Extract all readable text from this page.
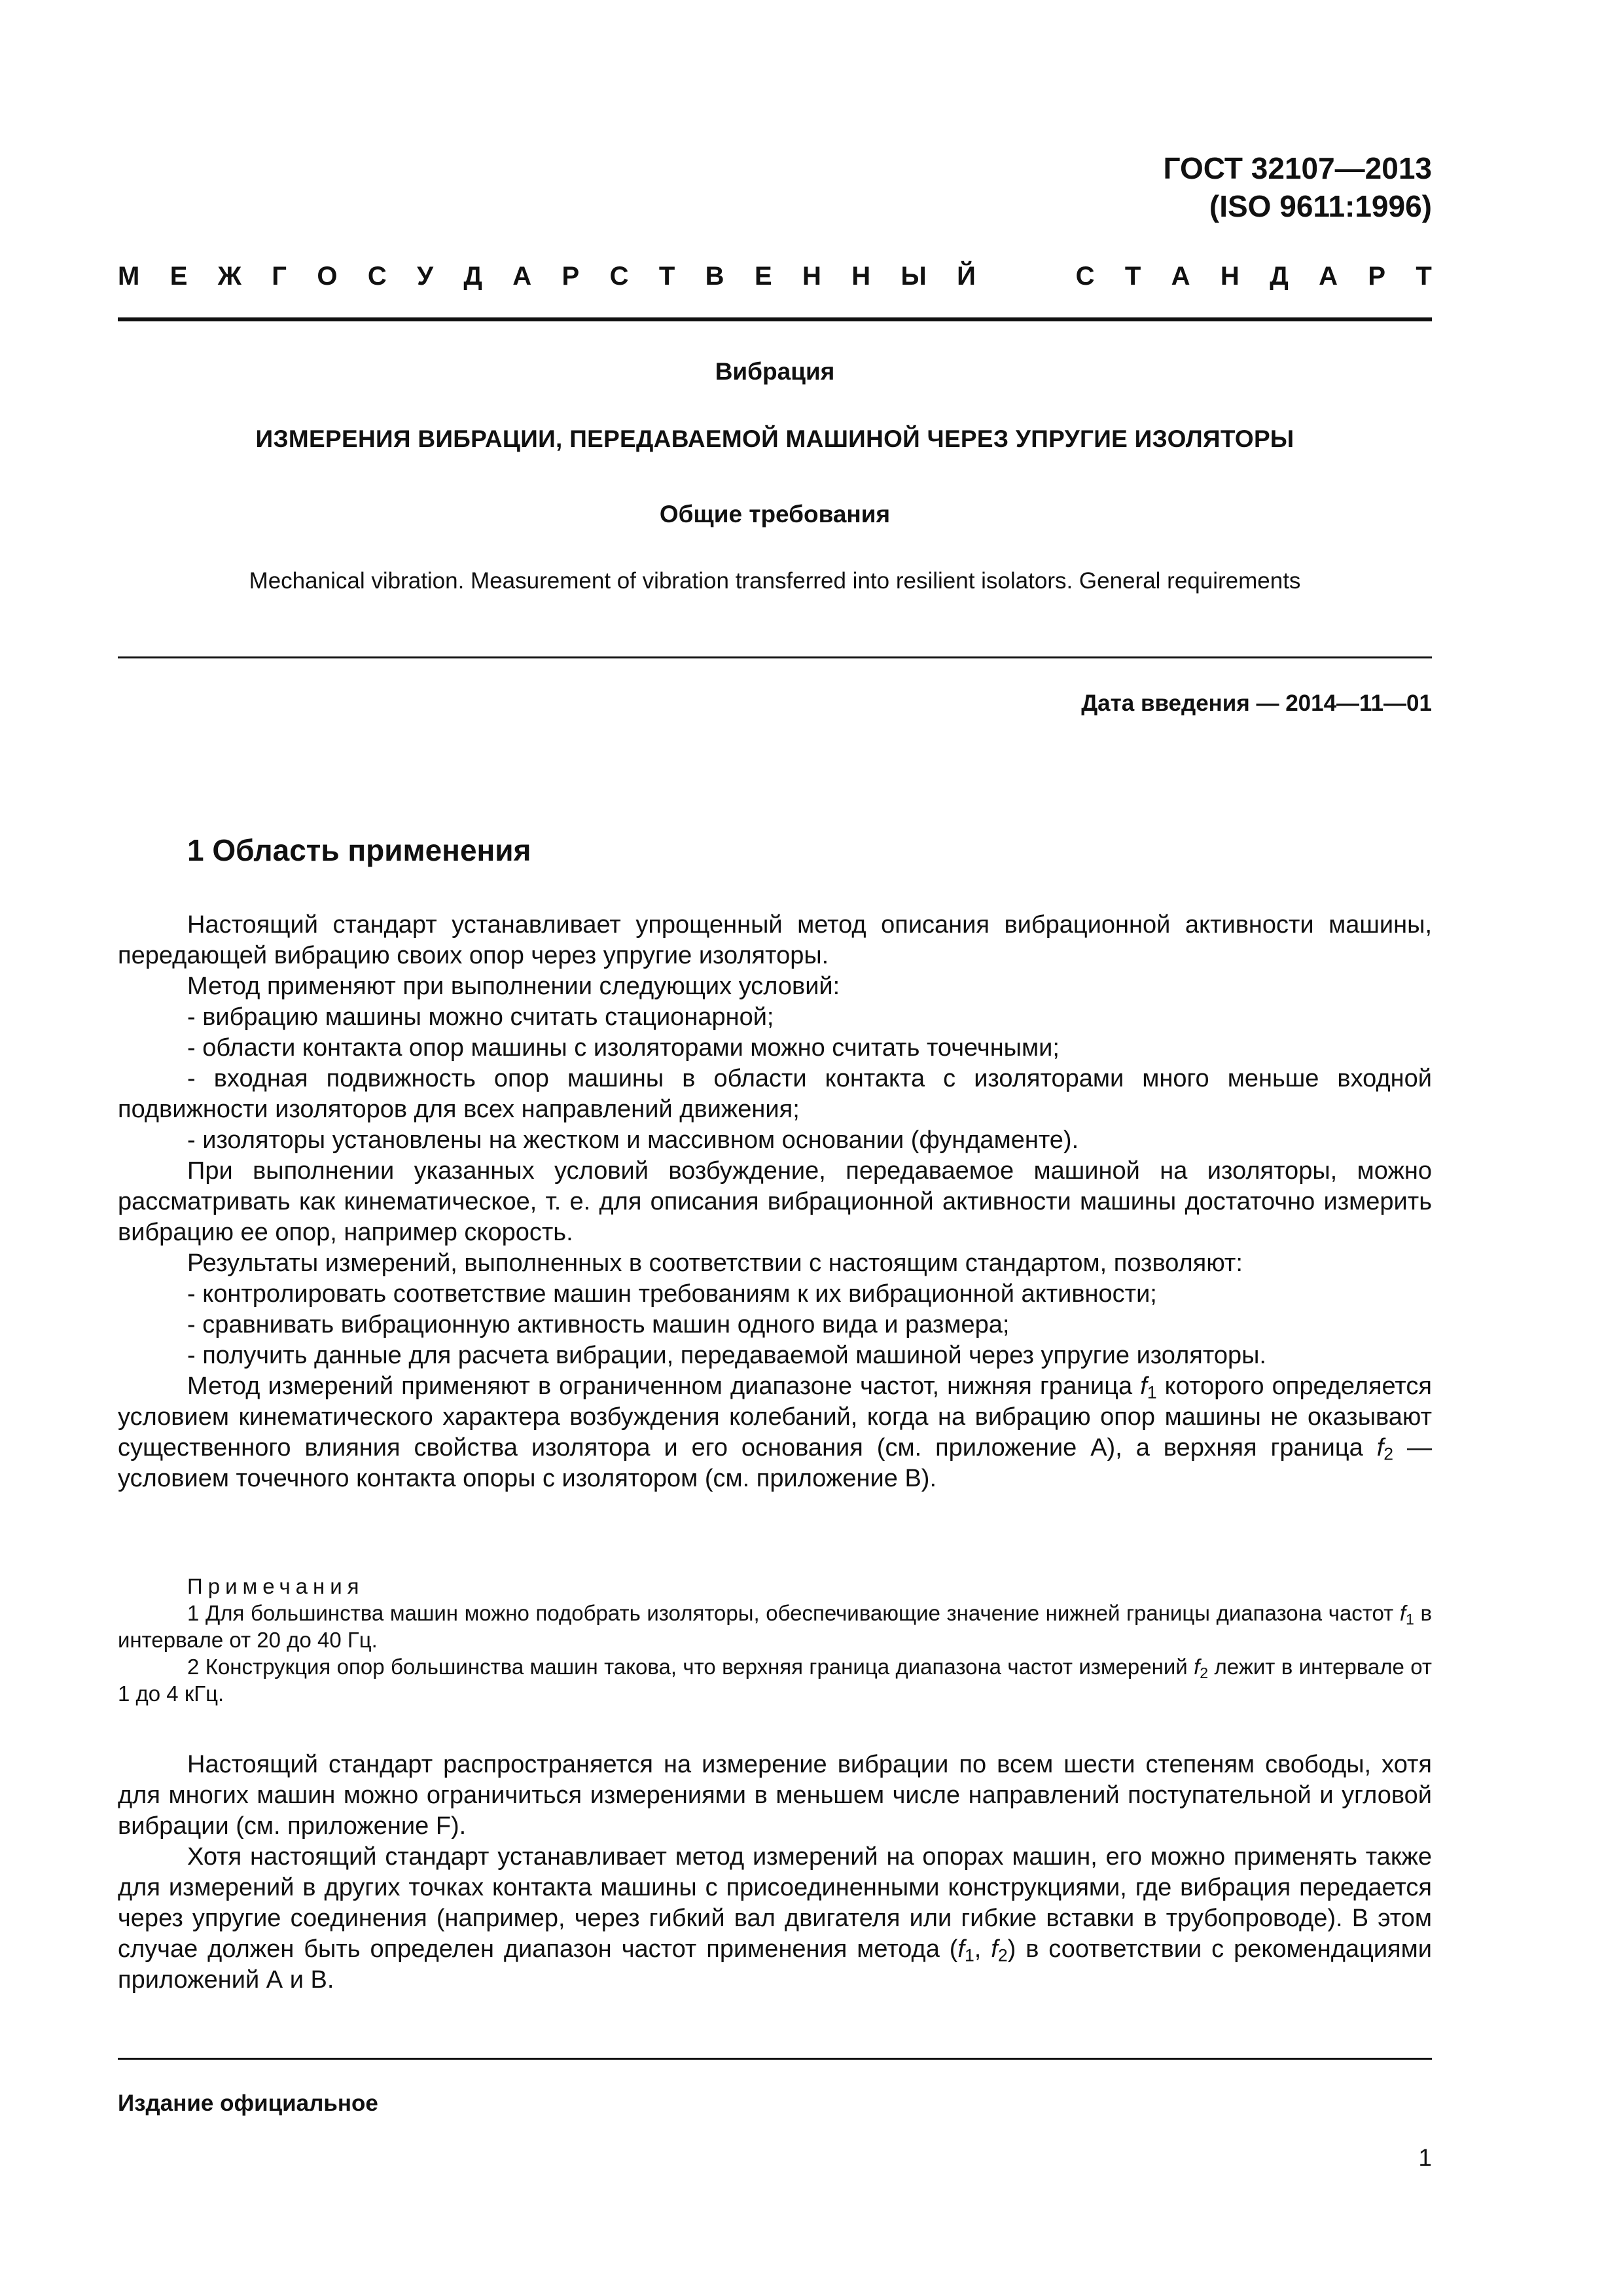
ГОСТ 32107—2013
(ISO 9611:1996)
М Е Ж Г О С У Д А Р С Т В Е Н Н Ы Й	С Т А Н Д А Р Т
Вибрация
ИЗМЕРЕНИЯ ВИБРАЦИИ, ПЕРЕДАВАЕМОЙ МАШИНОЙ ЧЕРЕЗ УПРУГИЕ ИЗОЛЯТОРЫ
Общие требования
Mechanical vibration. Measurement of vibration transferred into resilient isolators. General requirements
Дата введения — 2014—11—01
1 Область применения

Настоящий стандарт устанавливает упрощенный метод описания вибрационной активности машины, передающей вибрацию своих опор через упругие изоляторы.

Метод применяют при выполнении следующих условий:

- вибрацию машины можно считать стационарной;

- области контакта опор машины с изоляторами можно считать точечными;

- входная подвижность опор машины в области контакта с изоляторами много меньше входной подвижности изоляторов для всех направлений движения;

- изоляторы установлены на жестком и массивном основании (фундаменте).

При выполнении указанных условий возбуждение, передаваемое машиной на изоляторы, можно рассматривать как кинематическое, т. е. для описания вибрационной активности машины достаточно измерить вибрацию ее опор, например скорость.

Результаты измерений, выполненных в соответствии с настоящим стандартом, позволяют:

- контролировать соответствие машин требованиям к их вибрационной активности;

- сравнивать вибрационную активность машин одного вида и размера;

- получить данные для расчета вибрации, передаваемой машиной через упругие изоляторы.

Метод измерений применяют в ограниченном диапазоне частот, нижняя граница $f_1$ которого определяется условием кинематического характера возбуждения колебаний, когда на вибрацию опор машины не оказывают существенного влияния свойства изолятора и его основания (см. приложение А), а верхняя граница $f_2$ — условием точечного контакта опоры с изолятором (см. приложение В).

Примечания

1 Для большинства машин можно подобрать изоляторы, обеспечивающие значение нижней границы диапазона частот $f_1$ в интервале от 20 до 40 Гц.

2 Конструкция опор большинства машин такова, что верхняя граница диапазона частот измерений $f_2$ лежит в интервале от 1 до 4 кГц.

Настоящий стандарт распространяется на измерение вибрации по всем шести степеням свободы, хотя для многих машин можно ограничиться измерениями в меньшем числе направлений поступательной и угловой вибрации (см. приложение F).

Хотя настоящий стандарт устанавливает метод измерений на опорах машин, его можно применять также для измерений в других точках контакта машины с присоединенными конструкциями, где вибрация передается через упругие соединения (например, через гибкий вал двигателя или гибкие вставки в трубопроводе). В этом случае должен быть определен диапазон частот применения метода ($f_1$, $f_2$) в соответствии с рекомендациями приложений А и В.

Издание официальное
1
